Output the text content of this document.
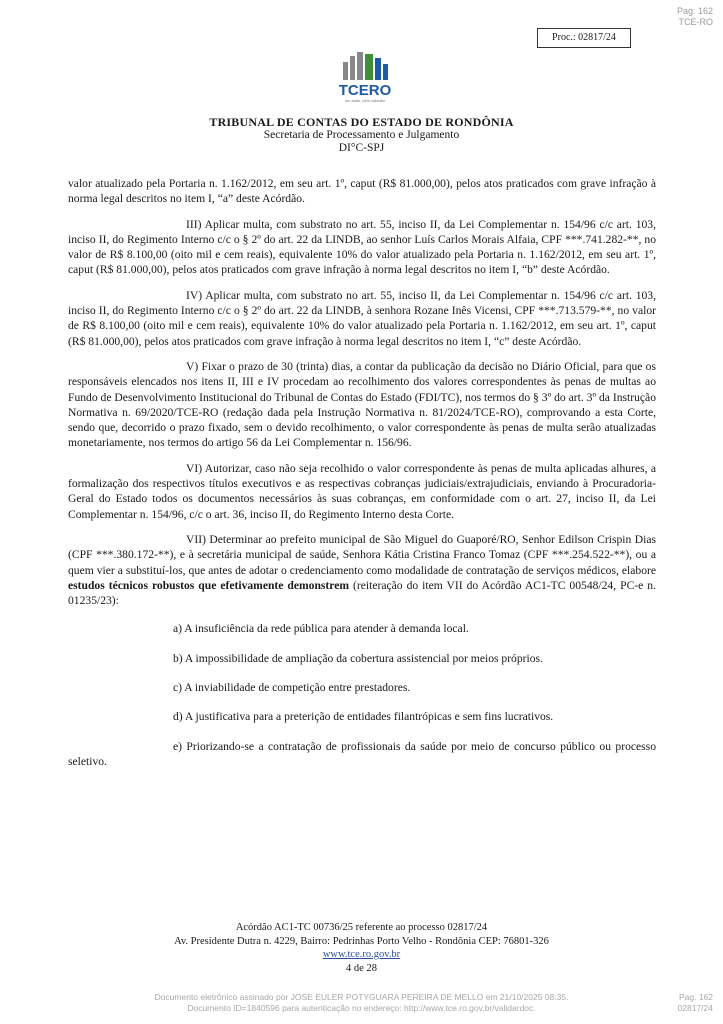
Pag. 162
TCE-RO
Proc.: 02817/24
TCERO
em ação, pelo cidadão
TRIBUNAL DE CONTAS DO ESTADO DE RONDÔNIA
Secretaria de Processamento e Julgamento
DI°C-SPJ

valor atualizado pela Portaria n. 1.162/2012, em seu art. 1º, caput (R$ 81.000,00), pelos atos praticados com grave infração à norma legal descritos no item I, “a” deste Acórdão.

III) Aplicar multa, com substrato no art. 55, inciso II, da Lei Complementar n. 154/96 c/c art. 103, inciso II, do Regimento Interno c/c o § 2º do art. 22 da LINDB, ao senhor Luís Carlos Morais Alfaia, CPF ***.741.282-**, no valor de R$ 8.100,00 (oito mil e cem reais), equivalente 10% do valor atualizado pela Portaria n. 1.162/2012, em seu art. 1º, caput (R$ 81.000,00), pelos atos praticados com grave infração à norma legal descritos no item I, “b” deste Acórdão.

IV) Aplicar multa, com substrato no art. 55, inciso II, da Lei Complementar n. 154/96 c/c art. 103, inciso II, do Regimento Interno c/c o § 2º do art. 22 da LINDB, à senhora Rozane Inês Vicensi, CPF ***.713.579-**, no valor de R$ 8.100,00 (oito mil e cem reais), equivalente 10% do valor atualizado pela Portaria n. 1.162/2012, em seu art. 1º, caput (R$ 81.000,00), pelos atos praticados com grave infração à norma legal descritos no item I, “c” deste Acórdão.

V) Fixar o prazo de 30 (trinta) dias, a contar da publicação da decisão no Diário Oficial, para que os responsáveis elencados nos itens II, III e IV procedam ao recolhimento dos valores correspondentes às penas de multas ao Fundo de Desenvolvimento Institucional do Tribunal de Contas do Estado (FDI/TC), nos termos do § 3º do art. 3º da Instrução Normativa n. 69/2020/TCE-RO (redação dada pela Instrução Normativa n. 81/2024/TCE-RO), comprovando a esta Corte, sendo que, decorrido o prazo fixado, sem o devido recolhimento, o valor correspondente às penas de multa serão atualizadas monetariamente, nos termos do artigo 56 da Lei Complementar n. 156/96.

VI) Autorizar, caso não seja recolhido o valor correspondente às penas de multa aplicadas alhures, a formalização dos respectivos títulos executivos e as respectivas cobranças judiciais/extrajudiciais, enviando à Procuradoria-Geral do Estado todos os documentos necessários às suas cobranças, em conformidade com o art. 27, inciso II, da Lei Complementar n. 154/96, c/c o art. 36, inciso II, do Regimento Interno desta Corte.

VII) Determinar ao prefeito municipal de São Miguel do Guaporé/RO, Senhor Edilson Crispin Dias (CPF ***.380.172-**), e à secretária municipal de saúde, Senhora Kátia Cristina Franco Tomaz (CPF ***.254.522-**), ou a quem vier a substituí-los, que antes de adotar o credenciamento como modalidade de contratação de serviços médicos, elabore estudos técnicos robustos que efetivamente demonstrem (reiteração do item VII do Acórdão AC1-TC 00548/24, PC-e n. 01235/23):

a) A insuficiência da rede pública para atender à demanda local.

b) A impossibilidade de ampliação da cobertura assistencial por meios próprios.

c) A inviabilidade de competição entre prestadores.

d) A justificativa para a preterição de entidades filantrópicas e sem fins lucrativos.

e) Priorizando-se a contratação de profissionais da saúde por meio de concurso público ou processo seletivo.

Acórdão AC1-TC 00736/25 referente ao processo 02817/24
Av. Presidente Dutra n. 4229, Bairro: Pedrinhas Porto Velho - Rondônia CEP: 76801-326
www.tce.ro.gov.br
4 de 28
Documento eletrônico assinado por JOSE EULER POTYGUARA PEREIRA DE MELLO em 21/10/2025 08:35.
Documento ID=1840596 para autenticação no endereço: http://www.tce.ro.gov.br/validardoc.
Pag. 162
02817/24
